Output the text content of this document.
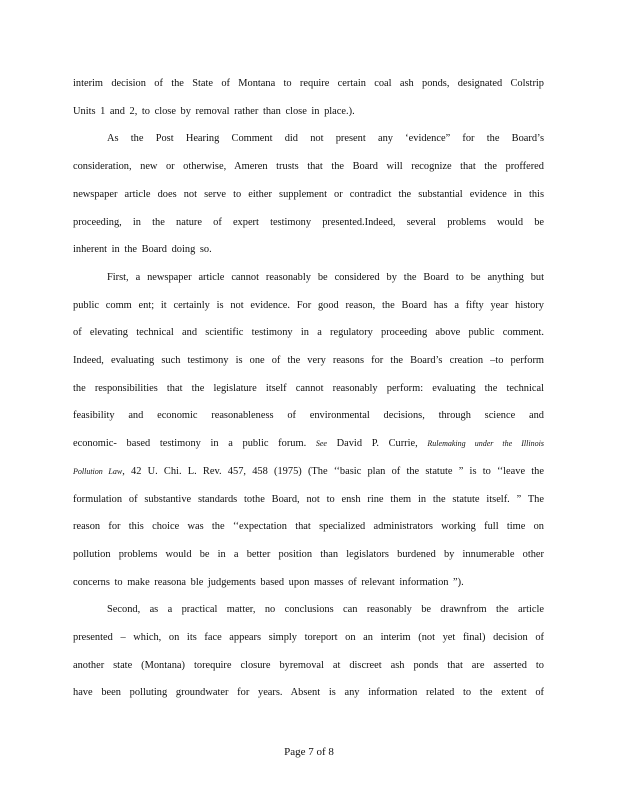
interim decision of the State of Montana to require certain coal ash ponds, designated Colstrip
Units 1 and 2, to close by removal rather than close in place.).
As the Post Hearing Comment did not present any ‘evidence” for the Board’s
consideration, new or otherwise, Ameren trusts that the Board will recognize that the proffered
newspaper article does not serve to either supplement or contradict the substantial evidence in this
proceeding, in the nature of expert testimony presented.Indeed, several problems would be
inherent in the Board doing so.
First, a newspaper article cannot reasonably be considered by the Board to be anything but
public comm ent; it certainly is not evidence. For good reason, the Board has a fifty year history
of elevating technical and scientific testimony in a regulatory proceeding above public comment.
Indeed, evaluating such testimony is one of the very reasons for the Board’s creation –to perform
the responsibilities that the legislature itself cannot reasonably perform: evaluating the technical
feasibility and economic reasonableness of environmental decisions, through science and
economic- based testimony in a public forum. See David P. Currie, Rulemaking under the Illinois
Pollution Law, 42 U. Chi. L. Rev. 457, 458 (1975) (The ‘‘basic plan of the statute ” is to ‘‘leave the
formulation of substantive standards tothe Board, not to ensh rine them in the statute itself. ” The
reason for this choice was the ‘‘expectation that specialized administrators working full time on
pollution problems would be in a better position than legislators burdened by innumerable other
concerns to make reasona ble judgements based upon masses of relevant information ”).
Second, as a practical matter, no conclusions can reasonably be drawnfrom the article
presented – which, on its face appears simply toreport on an interim (not yet final) decision of
another state (Montana) torequire closure byremoval at discreet ash ponds that are asserted to
have been polluting groundwater for years. Absent is any information related to the extent of
Page 7 of 8
